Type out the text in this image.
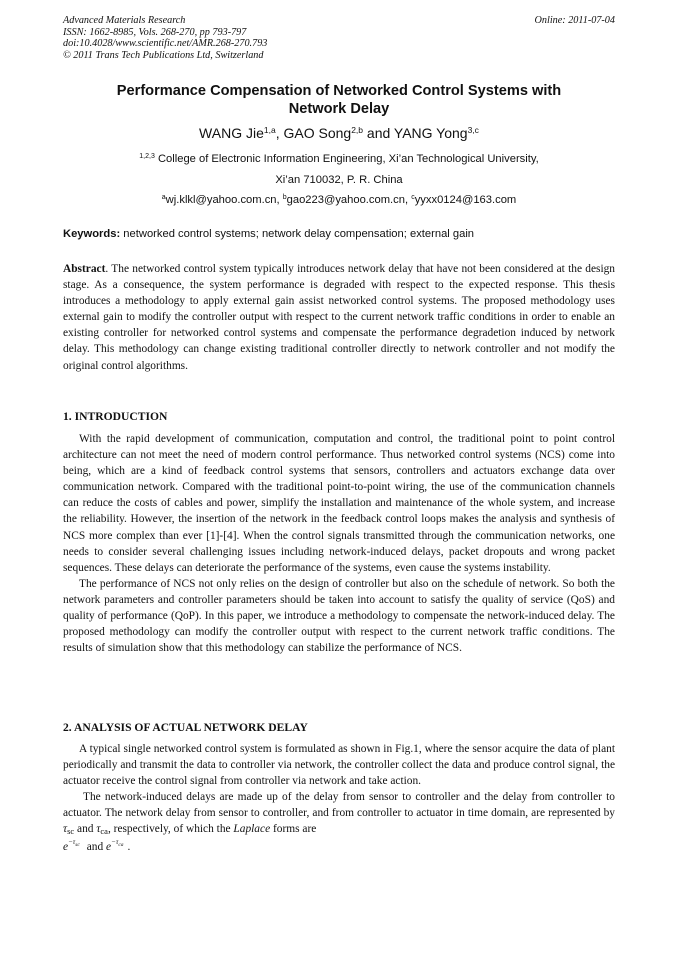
Advanced Materials Research
ISSN: 1662-8985, Vols. 268-270, pp 793-797
doi:10.4028/www.scientific.net/AMR.268-270.793
© 2011 Trans Tech Publications Ltd, Switzerland
Online: 2011-07-04
Performance Compensation of Networked Control Systems with
Network Delay
WANG Jie$^{1,a}$, GAO Song$^{2,b}$ and YANG Yong$^{3,c}$
$^{1,2,3}$ College of Electronic Information Engineering, Xi’an Technological University,
Xi’an 710032, P. R. China
$^a$wj.klkl@yahoo.com.cn, $^b$gao223@yahoo.com.cn, $^c$yyxx0124@163.com
Keywords: networked control systems; network delay compensation; external gain

Abstract. The networked control system typically introduces network delay that have not been considered at the design stage. As a consequence, the system performance is degraded with respect to the expected response. This thesis introduces a methodology to apply external gain assist networked control systems. The proposed methodology uses external gain to modify the controller output with respect to the current network traffic conditions in order to enable an existing controller for networked control systems and compensate the performance degradetion induced by network delay. This methodology can change existing traditional controller directly to network controller and not modify the original control algorithms.

1. INTRODUCTION

With the rapid development of communication, computation and control, the traditional point to point control architecture can not meet the need of modern control performance. Thus networked control systems (NCS) come into being, which are a kind of feedback control systems that sensors, controllers and actuators exchange data over communication network. Compared with the traditional point-to-point wiring, the use of the communication channels can reduce the costs of cables and power, simplify the installation and maintenance of the whole system, and increase the reliability. However, the insertion of the network in the feedback control loops makes the analysis and synthesis of NCS more complex than ever [1]-[4]. When the control signals transmitted through the communication networks, one needs to consider several challenging issues including network-induced delays, packet dropouts and wrong packet sequences. These delays can deteriorate the performance of the systems, even cause the systems instability.

The performance of NCS not only relies on the design of controller but also on the schedule of network. So both the network parameters and controller parameters should be taken into account to satisfy the quality of service (QoS) and quality of performance (QoP). In this paper, we introduce a methodology to compensate the network-induced delay. The proposed methodology can modify the controller output with respect to the current network traffic conditions. The results of simulation show that this methodology can stabilize the performance of NCS.

2. ANALYSIS OF ACTUAL NETWORK DELAY

A typical single networked control system is formulated as shown in Fig.1, where the sensor acquire the data of plant periodically and transmit the data to controller via network, the controller collect the data and produce control signal, the actuator receive the control signal from controller via network and take action.

The network-induced delays are made up of the delay from sensor to controller and the delay from controller to actuator. The network delay from sensor to controller, and from controller to actuator in time domain, are represented by $\tau_{sc}$ and $\tau_{ca}$, respectively, of which the Laplace forms are

$e^{-\tau sc}$ and $e^{-\tau ca}$ .
